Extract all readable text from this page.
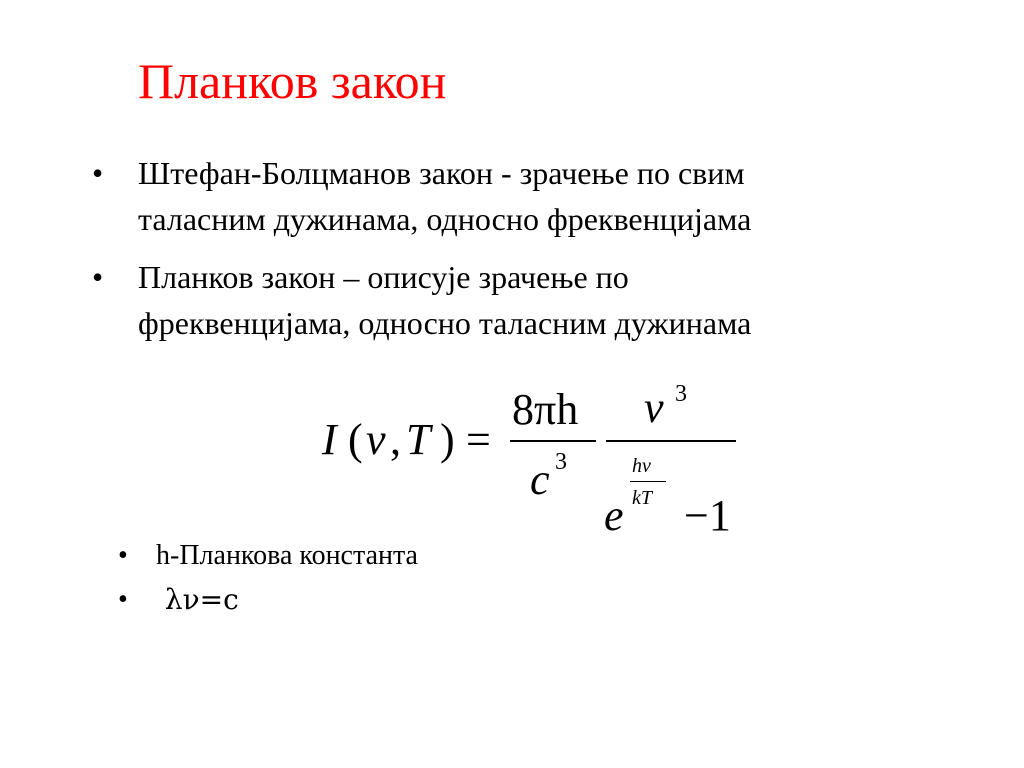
Планков закон
• Штефан-Болцманов закон - зрачење по свим
таласним дужинама, односно фреквенцијама
• Планков закон – описује зрачење по
фреквенцијама, односно таласним дужинама
I ( ν , T ) =
8πh
c 3
ν 3
e
hν
kT −1
• h-Планкова константа
• λν=c
